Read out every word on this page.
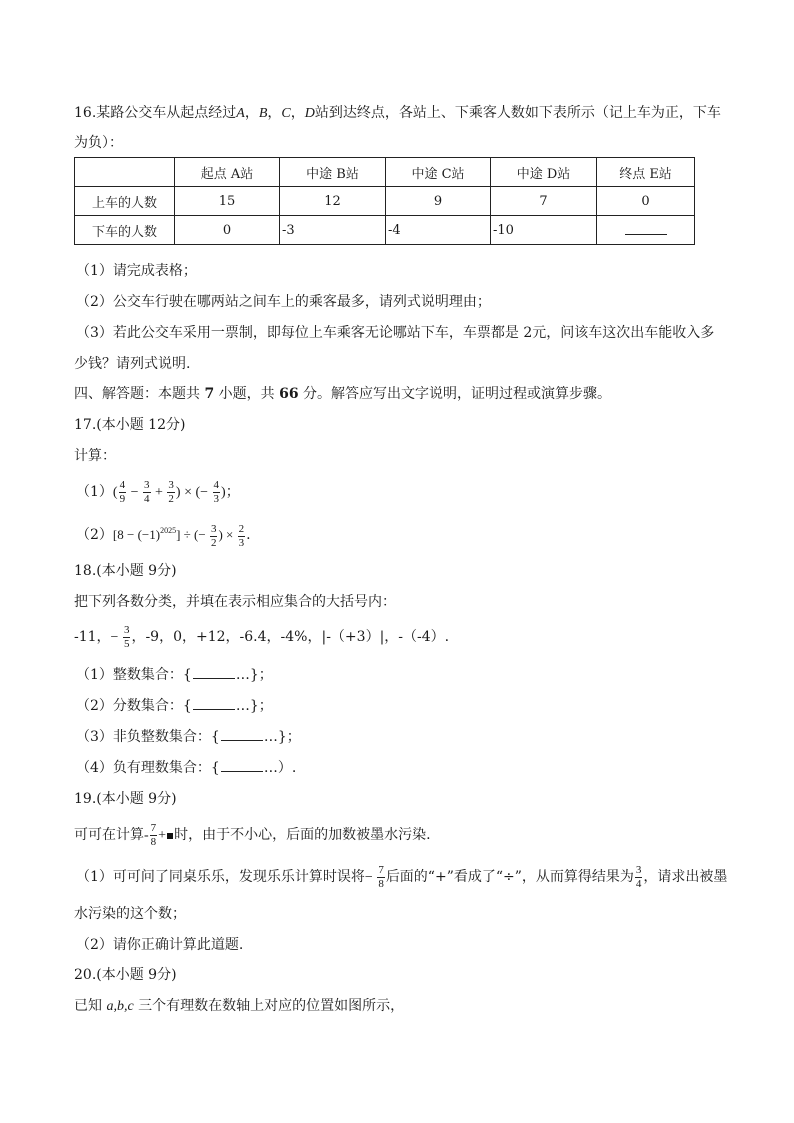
16.某路公交车从起点经过A，B，C，D站到达终点，各站上、下乘客人数如下表所示（记上车为正，下车
为负）：
	起点 A站	中途 B站	中途 C站	中途 D站	终点 E站
上车的人数	15	12	9	7	0
下车的人数	0	-3	-4	-10	
（1）请完成表格；
（2）公交车行驶在哪两站之间车上的乘客最多，请列式说明理由；
（3）若此公交车采用一票制，即每位上车乘客无论哪站下车，车票都是 2元，问该车这次出车能收入多
少钱？请列式说明.
四、解答题：本题共 7 小题，共 66 分。解答应写出文字说明，证明过程或演算步骤。
17.(本小题 12分)
计算：
$(1)( \frac{4}{9} - \frac{3}{4} + \frac{3}{2}$ ) × (− $\frac{4}{3}$ )；
$(2)[8 - (-1)^{2025}]$ ÷ (− $\frac{3}{2}$ ) × $\frac{2}{3}$ .
18.(本小题 9分)
把下列各数分类，并填在表示相应集合的大括号内：
-11，− $\frac{3}{5}$ ，-9，0，+12，-6.4，-4%，|-（+3）|，-（-4）.
（1）整数集合：{	…}；
（2）分数集合：{	…}；
（3）非负整数集合：{	…}；
（4）负有理数集合：{	…）.
19.(本小题 9分)
可可在计算- $\frac{7}{8}$ + 时，由于不小心，后面的加数被墨水污染.
（1）可可问了同桌乐乐，发现乐乐计算时误将− $\frac{7}{8}$ 后面的“+”看成了“÷”，从而算得结果为 $\frac{3}{4}$ ，请求出被墨
水污染的这个数；
（2）请你正确计算此道题.
20.(本小题 9分)
已知 a,b,c 三个有理数在数轴上对应的位置如图所示，
